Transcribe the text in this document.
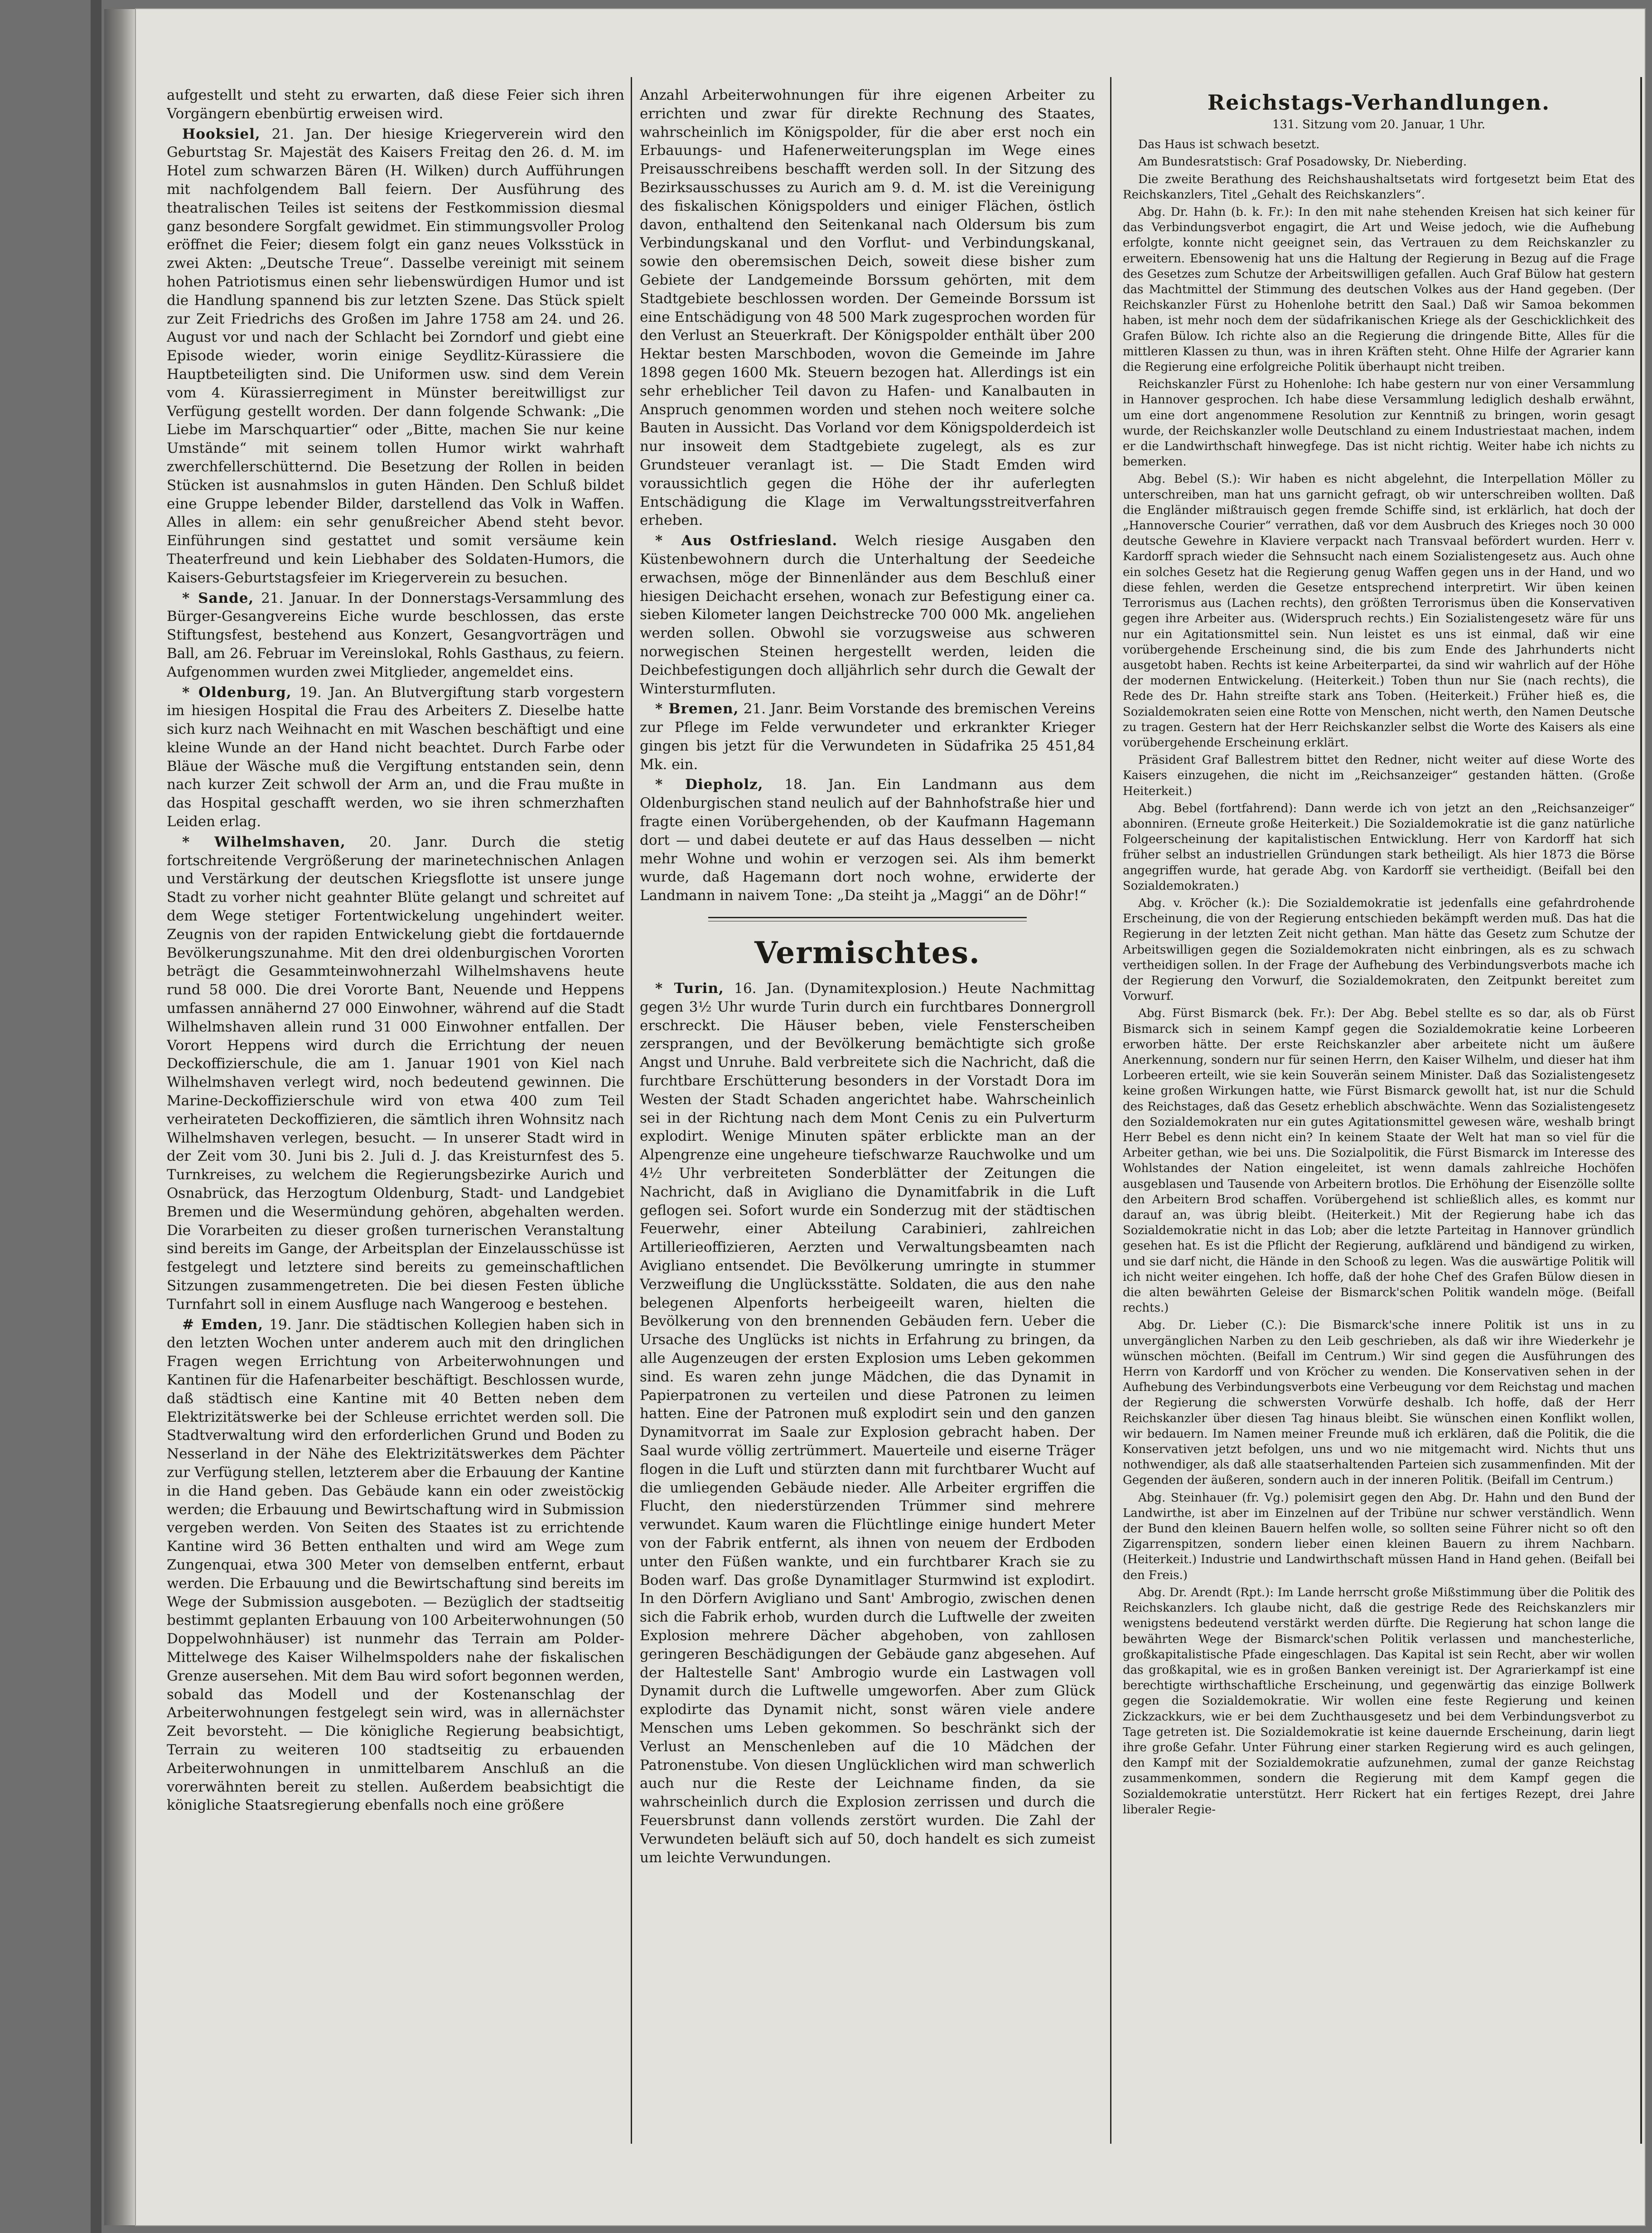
aufgestellt und steht zu erwarten, daß diese Feier sich ihren Vorgängern ebenbürtig erweisen wird.

Hooksiel, 21. Jan. Der hiesige Kriegerverein wird den Geburtstag Sr. Majestät des Kaisers Freitag den 26. d. M. im Hotel zum schwarzen Bären (H. Wilken) durch Aufführungen mit nachfolgendem Ball feiern. Der Ausführung des theatralischen Teiles ist seitens der Festkommission diesmal ganz besondere Sorgfalt gewidmet. Ein stimmungsvoller Prolog eröffnet die Feier; diesem folgt ein ganz neues Volksstück in zwei Akten: „Deutsche Treue“. Dasselbe vereinigt mit seinem hohen Patriotismus einen sehr liebenswürdigen Humor und ist die Handlung spannend bis zur letzten Szene. Das Stück spielt zur Zeit Friedrichs des Großen im Jahre 1758 am 24. und 26. August vor und nach der Schlacht bei Zorndorf und giebt eine Episode wieder, worin einige Seydlitz-Kürassiere die Hauptbeteiligten sind. Die Uniformen usw. sind dem Verein vom 4. Kürassierregiment in Münster bereitwilligst zur Verfügung gestellt worden. Der dann folgende Schwank: „Die Liebe im Marschquartier“ oder „Bitte, machen Sie nur keine Umstände“ mit seinem tollen Humor wirkt wahrhaft zwerchfellerschütternd. Die Besetzung der Rollen in beiden Stücken ist ausnahmslos in guten Händen. Den Schluß bildet eine Gruppe lebender Bilder, darstellend das Volk in Waffen. Alles in allem: ein sehr genußreicher Abend steht bevor. Einführungen sind gestattet und somit versäume kein Theaterfreund und kein Liebhaber des Soldaten-Humors, die Kaisers-Geburtstagsfeier im Kriegerverein zu besuchen.

* Sande, 21. Januar. In der Donnerstags-Versammlung des Bürger-Gesangvereins Eiche wurde beschlossen, das erste Stiftungsfest, bestehend aus Konzert, Gesangvorträgen und Ball, am 26. Februar im Vereinslokal, Rohls Gasthaus, zu feiern. Aufgenommen wurden zwei Mitglieder, angemeldet eins.

* Oldenburg, 19. Jan. An Blutvergiftung starb vorgestern im hiesigen Hospital die Frau des Arbeiters Z. Dieselbe hatte sich kurz nach Weihnacht en mit Waschen beschäftigt und eine kleine Wunde an der Hand nicht beachtet. Durch Farbe oder Bläue der Wäsche muß die Vergiftung entstanden sein, denn nach kurzer Zeit schwoll der Arm an, und die Frau mußte in das Hospital geschafft werden, wo sie ihren schmerzhaften Leiden erlag.

* Wilhelmshaven, 20. Janr. Durch die stetig fortschreitende Vergrößerung der marinetechnischen Anlagen und Verstärkung der deutschen Kriegsflotte ist unsere junge Stadt zu vorher nicht geahnter Blüte gelangt und schreitet auf dem Wege stetiger Fortentwickelung ungehindert weiter. Zeugnis von der rapiden Entwickelung giebt die fortdauernde Bevölkerungszunahme. Mit den drei oldenburgischen Vororten beträgt die Gesammteinwohnerzahl Wilhelmshavens heute rund 58 000. Die drei Vororte Bant, Neuende und Heppens umfassen annähernd 27 000 Einwohner, während auf die Stadt Wilhelmshaven allein rund 31 000 Einwohner entfallen. Der Vorort Heppens wird durch die Errichtung der neuen Deckoffizierschule, die am 1. Januar 1901 von Kiel nach Wilhelmshaven verlegt wird, noch bedeutend gewinnen. Die Marine-Deckoffizierschule wird von etwa 400 zum Teil verheirateten Deckoffizieren, die sämtlich ihren Wohnsitz nach Wilhelmshaven verlegen, besucht. — In unserer Stadt wird in der Zeit vom 30. Juni bis 2. Juli d. J. das Kreisturnfest des 5. Turnkreises, zu welchem die Regierungsbezirke Aurich und Osnabrück, das Herzogtum Oldenburg, Stadt- und Landgebiet Bremen und die Wesermündung gehören, abgehalten werden. Die Vorarbeiten zu dieser großen turnerischen Veranstaltung sind bereits im Gange, der Arbeitsplan der Einzelausschüsse ist festgelegt und letztere sind bereits zu gemeinschaftlichen Sitzungen zusammengetreten. Die bei diesen Festen übliche Turnfahrt soll in einem Ausfluge nach Wangeroog e bestehen.

# Emden, 19. Janr. Die städtischen Kollegien haben sich in den letzten Wochen unter anderem auch mit den dringlichen Fragen wegen Errichtung von Arbeiterwohnungen und Kantinen für die Hafenarbeiter beschäftigt. Beschlossen wurde, daß städtisch eine Kantine mit 40 Betten neben dem Elektrizitätswerke bei der Schleuse errichtet werden soll. Die Stadtverwaltung wird den erforderlichen Grund und Boden zu Nesserland in der Nähe des Elektrizitätswerkes dem Pächter zur Verfügung stellen, letzterem aber die Erbauung der Kantine in die Hand geben. Das Gebäude kann ein oder zweistöckig werden; die Erbauung und Bewirtschaftung wird in Submission vergeben werden. Von Seiten des Staates ist zu errichtende Kantine wird 36 Betten enthalten und wird am Wege zum Zungenquai, etwa 300 Meter von demselben entfernt, erbaut werden. Die Erbauung und die Bewirtschaftung sind bereits im Wege der Submission ausgeboten. — Bezüglich der stadtseitig bestimmt geplanten Erbauung von 100 Arbeiterwohnungen (50 Doppelwohnhäuser) ist nunmehr das Terrain am Polder-Mittelwege des Kaiser Wilhelmspolders nahe der fiskalischen Grenze ausersehen. Mit dem Bau wird sofort begonnen werden, sobald das Modell und der Kostenanschlag der Arbeiterwohnungen festgelegt sein wird, was in allernächster Zeit bevorsteht. — Die königliche Regierung beabsichtigt, Terrain zu weiteren 100 stadtseitig zu erbauenden Arbeiterwohnungen in unmittelbarem Anschluß an die vorerwähnten bereit zu stellen. Außerdem beabsichtigt die königliche Staatsregierung ebenfalls noch eine größere

Anzahl Arbeiterwohnungen für ihre eigenen Arbeiter zu errichten und zwar für direkte Rechnung des Staates, wahrscheinlich im Königspolder, für die aber erst noch ein Erbauungs- und Hafenerweiterungsplan im Wege eines Preisausschreibens beschafft werden soll. In der Sitzung des Bezirksausschusses zu Aurich am 9. d. M. ist die Vereinigung des fiskalischen Königspolders und einiger Flächen, östlich davon, enthaltend den Seitenkanal nach Oldersum bis zum Verbindungskanal und den Vorflut- und Verbindungskanal, sowie den oberemsischen Deich, soweit diese bisher zum Gebiete der Landgemeinde Borssum gehörten, mit dem Stadtgebiete beschlossen worden. Der Gemeinde Borssum ist eine Entschädigung von 48 500 Mark zugesprochen worden für den Verlust an Steuerkraft. Der Königspolder enthält über 200 Hektar besten Marschboden, wovon die Gemeinde im Jahre 1898 gegen 1600 Mk. Steuern bezogen hat. Allerdings ist ein sehr erheblicher Teil davon zu Hafen- und Kanalbauten in Anspruch genommen worden und stehen noch weitere solche Bauten in Aussicht. Das Vorland vor dem Königspolderdeich ist nur insoweit dem Stadtgebiete zugelegt, als es zur Grundsteuer veranlagt ist. — Die Stadt Emden wird voraussichtlich gegen die Höhe der ihr auferlegten Entschädigung die Klage im Verwaltungsstreitverfahren erheben.

* Aus Ostfriesland. Welch riesige Ausgaben den Küstenbewohnern durch die Unterhaltung der Seedeiche erwachsen, möge der Binnenländer aus dem Beschluß einer hiesigen Deichacht ersehen, wonach zur Befestigung einer ca. sieben Kilometer langen Deichstrecke 700 000 Mk. angeliehen werden sollen. Obwohl sie vorzugsweise aus schweren norwegischen Steinen hergestellt werden, leiden die Deichbefestigungen doch alljährlich sehr durch die Gewalt der Wintersturmfluten.

* Bremen, 21. Janr. Beim Vorstande des bremischen Vereins zur Pflege im Felde verwundeter und erkrankter Krieger gingen bis jetzt für die Verwundeten in Südafrika 25 451,84 Mk. ein.

* Diepholz, 18. Jan. Ein Landmann aus dem Oldenburgischen stand neulich auf der Bahnhofstraße hier und fragte einen Vorübergehenden, ob der Kaufmann Hagemann dort — und dabei deutete er auf das Haus desselben — nicht mehr Wohne und wohin er verzogen sei. Als ihm bemerkt wurde, daß Hagemann dort noch wohne, erwiderte der Landmann in naivem Tone: „Da steiht ja „Maggi“ an de Döhr!“

Vermischtes.

* Turin, 16. Jan. (Dynamitexplosion.) Heute Nachmittag gegen 3½ Uhr wurde Turin durch ein furchtbares Donnergroll erschreckt. Die Häuser beben, viele Fensterscheiben zersprangen, und der Bevölkerung bemächtigte sich große Angst und Unruhe. Bald verbreitete sich die Nachricht, daß die furchtbare Erschütterung besonders in der Vorstadt Dora im Westen der Stadt Schaden angerichtet habe. Wahrscheinlich sei in der Richtung nach dem Mont Cenis zu ein Pulverturm explodirt. Wenige Minuten später erblickte man an der Alpengrenze eine ungeheure tiefschwarze Rauchwolke und um 4½ Uhr verbreiteten Sonderblätter der Zeitungen die Nachricht, daß in Avigliano die Dynamitfabrik in die Luft geflogen sei. Sofort wurde ein Sonderzug mit der städtischen Feuerwehr, einer Abteilung Carabinieri, zahlreichen Artillerieoffizieren, Aerzten und Verwaltungsbeamten nach Avigliano entsendet. Die Bevölkerung umringte in stummer Verzweiflung die Unglücksstätte. Soldaten, die aus den nahe belegenen Alpenforts herbeigeeilt waren, hielten die Bevölkerung von den brennenden Gebäuden fern. Ueber die Ursache des Unglücks ist nichts in Erfahrung zu bringen, da alle Augenzeugen der ersten Explosion ums Leben gekommen sind. Es waren zehn junge Mädchen, die das Dynamit in Papierpatronen zu verteilen und diese Patronen zu leimen hatten. Eine der Patronen muß explodirt sein und den ganzen Dynamitvorrat im Saale zur Explosion gebracht haben. Der Saal wurde völlig zertrümmert. Mauerteile und eiserne Träger flogen in die Luft und stürzten dann mit furchtbarer Wucht auf die umliegenden Gebäude nieder. Alle Arbeiter ergriffen die Flucht, den niederstürzenden Trümmer sind mehrere verwundet. Kaum waren die Flüchtlinge einige hundert Meter von der Fabrik entfernt, als ihnen von neuem der Erdboden unter den Füßen wankte, und ein furchtbarer Krach sie zu Boden warf. Das große Dynamitlager Sturmwind ist explodirt. In den Dörfern Avigliano und Sant' Ambrogio, zwischen denen sich die Fabrik erhob, wurden durch die Luftwelle der zweiten Explosion mehrere Dächer abgehoben, von zahllosen geringeren Beschädigungen der Gebäude ganz abgesehen. Auf der Haltestelle Sant' Ambrogio wurde ein Lastwagen voll Dynamit durch die Luftwelle umgeworfen. Aber zum Glück explodirte das Dynamit nicht, sonst wären viele andere Menschen ums Leben gekommen. So beschränkt sich der Verlust an Menschenleben auf die 10 Mädchen der Patronenstube. Von diesen Unglücklichen wird man schwerlich auch nur die Reste der Leichname finden, da sie wahrscheinlich durch die Explosion zerrissen und durch die Feuersbrunst dann vollends zerstört wurden. Die Zahl der Verwundeten beläuft sich auf 50, doch handelt es sich zumeist um leichte Verwundungen.

Reichstags-Verhandlungen.
131. Sitzung vom 20. Januar, 1 Uhr.

Das Haus ist schwach besetzt.

Am Bundesratstisch: Graf Posadowsky, Dr. Nieberding.

Die zweite Berathung des Reichshaushaltsetats wird fortgesetzt beim Etat des Reichskanzlers, Titel „Gehalt des Reichskanzlers“.

Abg. Dr. Hahn (b. k. Fr.): In den mit nahe stehenden Kreisen hat sich keiner für das Verbindungsverbot engagirt, die Art und Weise jedoch, wie die Aufhebung erfolgte, konnte nicht geeignet sein, das Vertrauen zu dem Reichskanzler zu erweitern. Ebensowenig hat uns die Haltung der Regierung in Bezug auf die Frage des Gesetzes zum Schutze der Arbeitswilligen gefallen. Auch Graf Bülow hat gestern das Machtmittel der Stimmung des deutschen Volkes aus der Hand gegeben. (Der Reichskanzler Fürst zu Hohenlohe betritt den Saal.) Daß wir Samoa bekommen haben, ist mehr noch dem der südafrikanischen Kriege als der Geschicklichkeit des Grafen Bülow. Ich richte also an die Regierung die dringende Bitte, Alles für die mittleren Klassen zu thun, was in ihren Kräften steht. Ohne Hilfe der Agrarier kann die Regierung eine erfolgreiche Politik überhaupt nicht treiben.

Reichskanzler Fürst zu Hohenlohe: Ich habe gestern nur von einer Versammlung in Hannover gesprochen. Ich habe diese Versammlung lediglich deshalb erwähnt, um eine dort angenommene Resolution zur Kenntniß zu bringen, worin gesagt wurde, der Reichskanzler wolle Deutschland zu einem Industriestaat machen, indem er die Landwirthschaft hinwegfege. Das ist nicht richtig. Weiter habe ich nichts zu bemerken.

Abg. Bebel (S.): Wir haben es nicht abgelehnt, die Interpellation Möller zu unterschreiben, man hat uns garnicht gefragt, ob wir unterschreiben wollten. Daß die Engländer mißtrauisch gegen fremde Schiffe sind, ist erklärlich, hat doch der „Hannoversche Courier“ verrathen, daß vor dem Ausbruch des Krieges noch 30 000 deutsche Gewehre in Klaviere verpackt nach Transvaal befördert wurden. Herr v. Kardorff sprach wieder die Sehnsucht nach einem Sozialistengesetz aus. Auch ohne ein solches Gesetz hat die Regierung genug Waffen gegen uns in der Hand, und wo diese fehlen, werden die Gesetze entsprechend interpretirt. Wir üben keinen Terrorismus aus (Lachen rechts), den größten Terrorismus üben die Konservativen gegen ihre Arbeiter aus. (Widerspruch rechts.) Ein Sozialistengesetz wäre für uns nur ein Agitationsmittel sein. Nun leistet es uns ist einmal, daß wir eine vorübergehende Erscheinung sind, die bis zum Ende des Jahrhunderts nicht ausgetobt haben. Rechts ist keine Arbeiterpartei, da sind wir wahrlich auf der Höhe der modernen Entwickelung. (Heiterkeit.) Toben thun nur Sie (nach rechts), die Rede des Dr. Hahn streifte stark ans Toben. (Heiterkeit.) Früher hieß es, die Sozialdemokraten seien eine Rotte von Menschen, nicht werth, den Namen Deutsche zu tragen. Gestern hat der Herr Reichskanzler selbst die Worte des Kaisers als eine vorübergehende Erscheinung erklärt.

Präsident Graf Ballestrem bittet den Redner, nicht weiter auf diese Worte des Kaisers einzugehen, die nicht im „Reichsanzeiger“ gestanden hätten. (Große Heiterkeit.)

Abg. Bebel (fortfahrend): Dann werde ich von jetzt an den „Reichsanzeiger“ abonniren. (Erneute große Heiterkeit.) Die Sozialdemokratie ist die ganz natürliche Folgeerscheinung der kapitalistischen Entwicklung. Herr von Kardorff hat sich früher selbst an industriellen Gründungen stark betheiligt. Als hier 1873 die Börse angegriffen wurde, hat gerade Abg. von Kardorff sie vertheidigt. (Beifall bei den Sozialdemokraten.)

Abg. v. Kröcher (k.): Die Sozialdemokratie ist jedenfalls eine gefahrdrohende Erscheinung, die von der Regierung entschieden bekämpft werden muß. Das hat die Regierung in der letzten Zeit nicht gethan. Man hätte das Gesetz zum Schutze der Arbeitswilligen gegen die Sozialdemokraten nicht einbringen, als es zu schwach vertheidigen sollen. In der Frage der Aufhebung des Verbindungsverbots mache ich der Regierung den Vorwurf, die Sozialdemokraten, den Zeitpunkt bereitet zum Vorwurf.

Abg. Fürst Bismarck (bek. Fr.): Der Abg. Bebel stellte es so dar, als ob Fürst Bismarck sich in seinem Kampf gegen die Sozialdemokratie keine Lorbeeren erworben hätte. Der erste Reichskanzler aber arbeitete nicht um äußere Anerkennung, sondern nur für seinen Herrn, den Kaiser Wilhelm, und dieser hat ihm Lorbeeren erteilt, wie sie kein Souverän seinem Minister. Daß das Sozialistengesetz keine großen Wirkungen hatte, wie Fürst Bismarck gewollt hat, ist nur die Schuld des Reichstages, daß das Gesetz erheblich abschwächte. Wenn das Sozialistengesetz den Sozialdemokraten nur ein gutes Agitationsmittel gewesen wäre, weshalb bringt Herr Bebel es denn nicht ein? In keinem Staate der Welt hat man so viel für die Arbeiter gethan, wie bei uns. Die Sozialpolitik, die Fürst Bismarck im Interesse des Wohlstandes der Nation eingeleitet, ist wenn damals zahlreiche Hochöfen ausgeblasen und Tausende von Arbeitern brotlos. Die Erhöhung der Eisenzölle sollte den Arbeitern Brod schaffen. Vorübergehend ist schließlich alles, es kommt nur darauf an, was übrig bleibt. (Heiterkeit.) Mit der Regierung habe ich das Sozialdemokratie nicht in das Lob; aber die letzte Parteitag in Hannover gründlich gesehen hat. Es ist die Pflicht der Regierung, aufklärend und bändigend zu wirken, und sie darf nicht, die Hände in den Schooß zu legen. Was die auswärtige Politik will ich nicht weiter eingehen. Ich hoffe, daß der hohe Chef des Grafen Bülow diesen in die alten bewährten Geleise der Bismarck'schen Politik wandeln möge. (Beifall rechts.)

Abg. Dr. Lieber (C.): Die Bismarck'sche innere Politik ist uns in zu unvergänglichen Narben zu den Leib geschrieben, als daß wir ihre Wiederkehr je wünschen möchten. (Beifall im Centrum.) Wir sind gegen die Ausführungen des Herrn von Kardorff und von Kröcher zu wenden. Die Konservativen sehen in der Aufhebung des Verbindungsverbots eine Verbeugung vor dem Reichstag und machen der Regierung die schwersten Vorwürfe deshalb. Ich hoffe, daß der Herr Reichskanzler über diesen Tag hinaus bleibt. Sie wünschen einen Konflikt wollen, wir bedauern. Im Namen meiner Freunde muß ich erklären, daß die Politik, die die Konservativen jetzt befolgen, uns und wo nie mitgemacht wird. Nichts thut uns nothwendiger, als daß alle staatserhaltenden Parteien sich zusammenfinden. Mit der Gegenden der äußeren, sondern auch in der inneren Politik. (Beifall im Centrum.)

Abg. Steinhauer (fr. Vg.) polemisirt gegen den Abg. Dr. Hahn und den Bund der Landwirthe, ist aber im Einzelnen auf der Tribüne nur schwer verständlich. Wenn der Bund den kleinen Bauern helfen wolle, so sollten seine Führer nicht so oft den Zigarrenspitzen, sondern lieber einen kleinen Bauern zu ihrem Nachbarn. (Heiterkeit.) Industrie und Landwirthschaft müssen Hand in Hand gehen. (Beifall bei den Freis.)

Abg. Dr. Arendt (Rpt.): Im Lande herrscht große Mißstimmung über die Politik des Reichskanzlers. Ich glaube nicht, daß die gestrige Rede des Reichskanzlers mir wenigstens bedeutend verstärkt werden dürfte. Die Regierung hat schon lange die bewährten Wege der Bismarck'schen Politik verlassen und manchesterliche, großkapitalistische Pfade eingeschlagen. Das Kapital ist sein Recht, aber wir wollen das großkapital, wie es in großen Banken vereinigt ist. Der Agrarierkampf ist eine berechtigte wirthschaftliche Erscheinung, und gegenwärtig das einzige Bollwerk gegen die Sozialdemokratie. Wir wollen eine feste Regierung und keinen Zickzackkurs, wie er bei dem Zuchthausgesetz und bei dem Verbindungsverbot zu Tage getreten ist. Die Sozialdemokratie ist keine dauernde Erscheinung, darin liegt ihre große Gefahr. Unter Führung einer starken Regierung wird es auch gelingen, den Kampf mit der Sozialdemokratie aufzunehmen, zumal der ganze Reichstag zusammenkommen, sondern die Regierung mit dem Kampf gegen die Sozialdemokratie unterstützt. Herr Rickert hat ein fertiges Rezept, drei Jahre liberaler Regie-
